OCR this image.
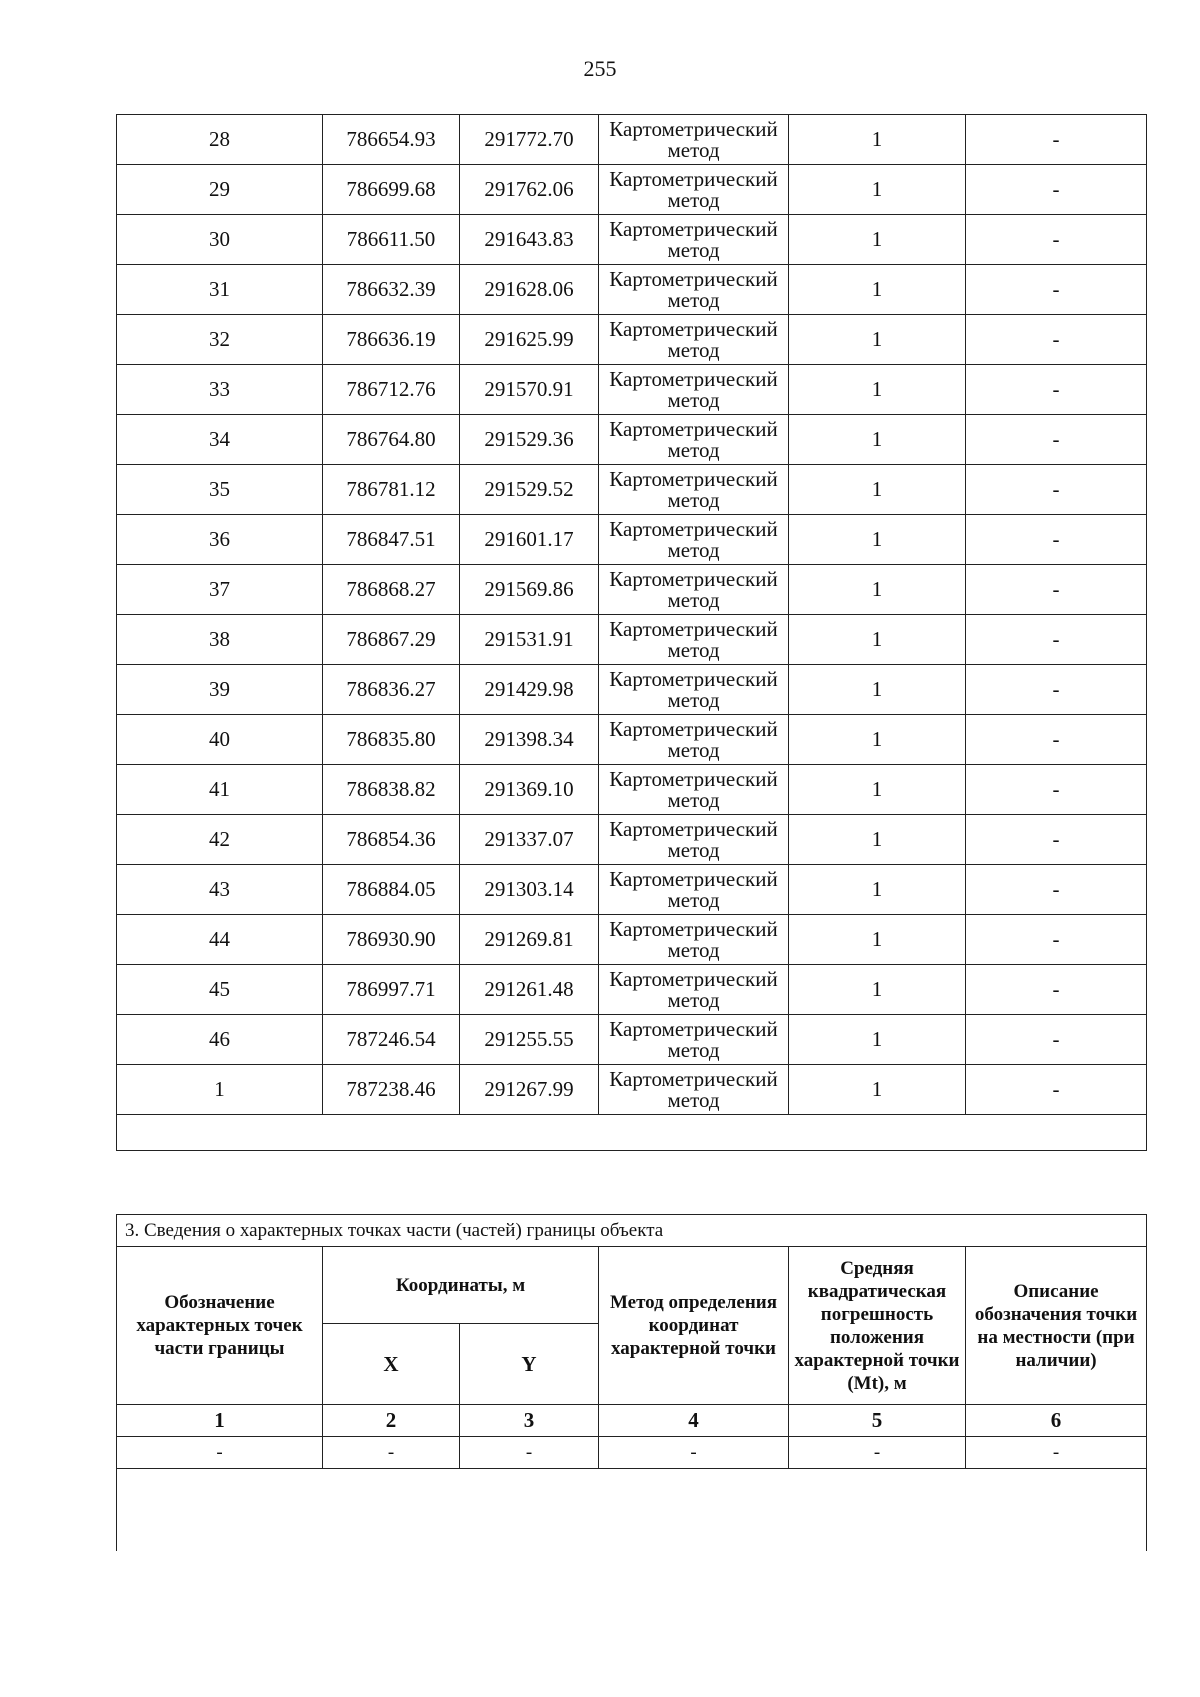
255
28	786654.93	291772.70	Картометрический метод	1	-
29	786699.68	291762.06	Картометрический метод	1	-
30	786611.50	291643.83	Картометрический метод	1	-
31	786632.39	291628.06	Картометрический метод	1	-
32	786636.19	291625.99	Картометрический метод	1	-
33	786712.76	291570.91	Картометрический метод	1	-
34	786764.80	291529.36	Картометрический метод	1	-
35	786781.12	291529.52	Картометрический метод	1	-
36	786847.51	291601.17	Картометрический метод	1	-
37	786868.27	291569.86	Картометрический метод	1	-
38	786867.29	291531.91	Картометрический метод	1	-
39	786836.27	291429.98	Картометрический метод	1	-
40	786835.80	291398.34	Картометрический метод	1	-
41	786838.82	291369.10	Картометрический метод	1	-
42	786854.36	291337.07	Картометрический метод	1	-
43	786884.05	291303.14	Картометрический метод	1	-
44	786930.90	291269.81	Картометрический метод	1	-
45	786997.71	291261.48	Картометрический метод	1	-
46	787246.54	291255.55	Картометрический метод	1	-
1	787238.46	291267.99	Картометрический метод	1	-

3. Сведения о характерных точках части (частей) границы объекта					
Обозначение характерных точек части границы	Координаты, м		Метод определения координат характерной точки	Средняя квадратическая погрешность положения характерной точки (Mt), м	Описание обозначения точки на местности (при наличии)
	X	Y			
1	2	3	4	5	6
-	-	-	-	-	-
